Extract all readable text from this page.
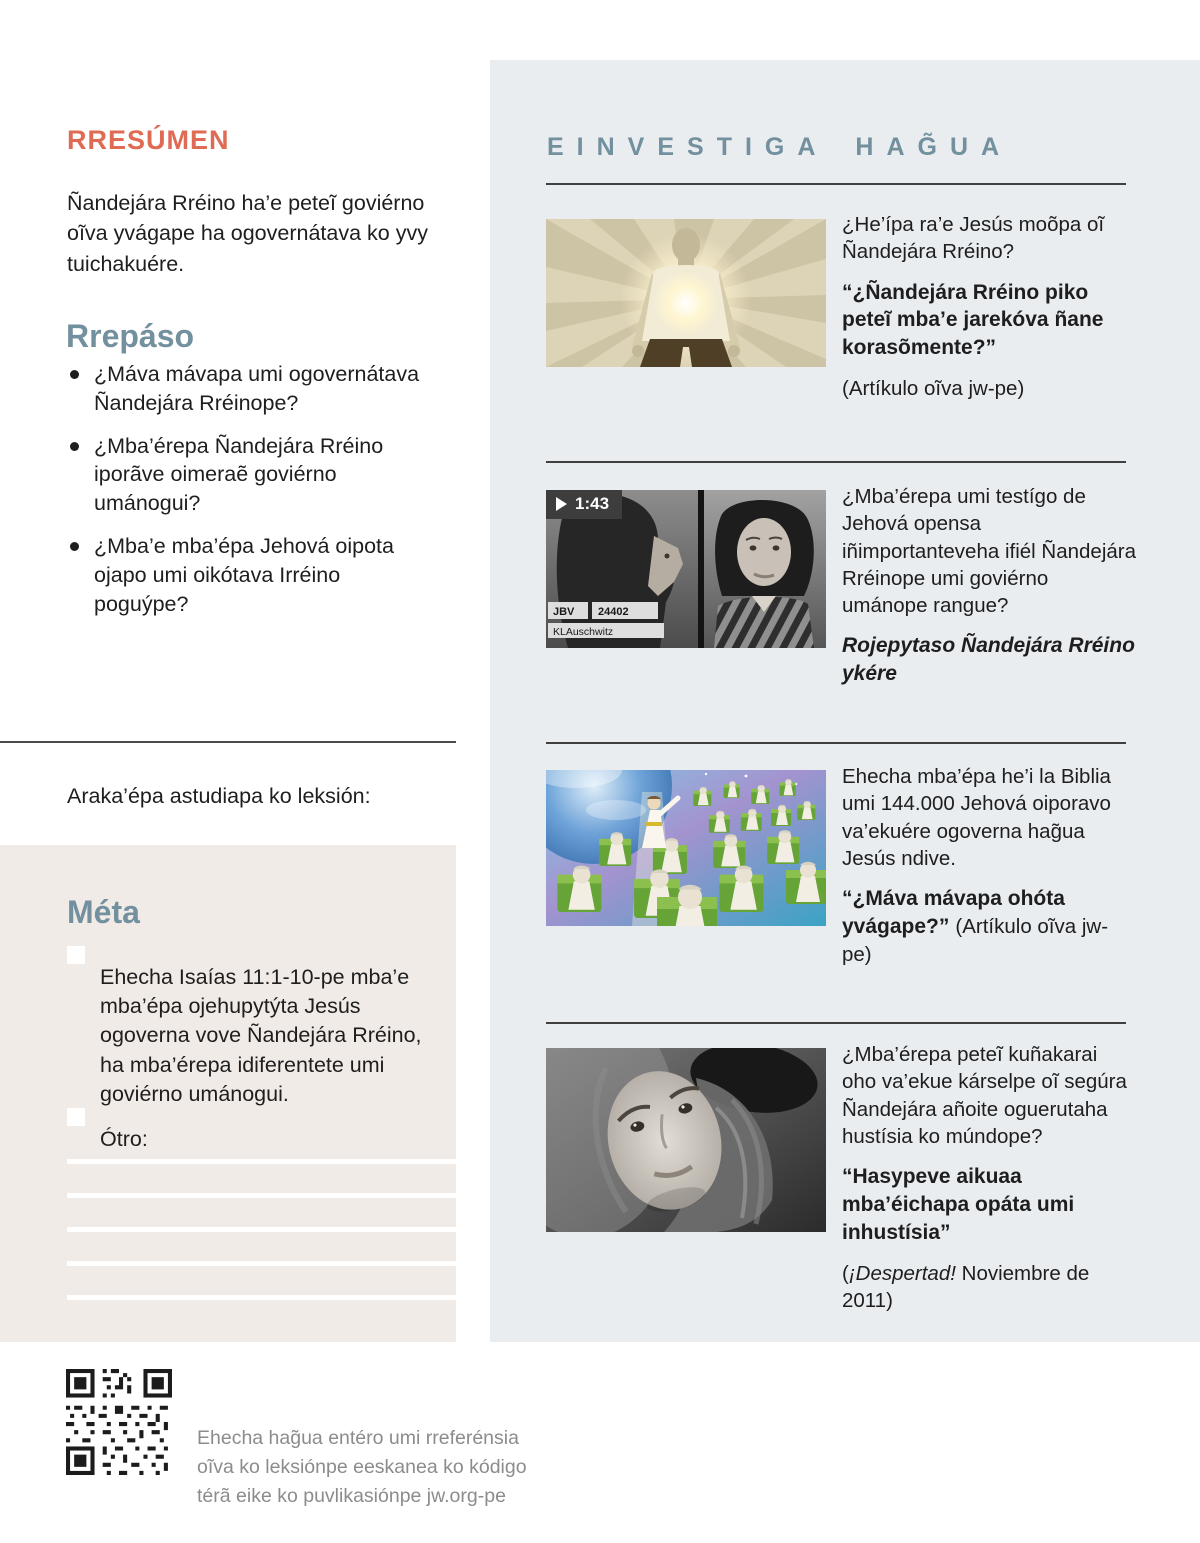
RRESÚMEN

Ñandejára Rréino ha’e peteĩ goviérno oĩva yvágape ha ogovernátava ko yvy tuichakuére.

Rrepáso
¿Máva mávapa umi ogovernátava Ñandejára Rréinope?
¿Mba’érepa Ñandejára Rréino iporãve oimeraẽ goviérno umánogui?
¿Mba’e mba’épa Jehová oipota ojapo umi oikótava Irréino poguýpe?

Araka’épa astudiapa ko leksión:

Méta

Ehecha Isaías 11:1-10-pe mba’e mba’épa ojehupytýta Jesús ogoverna vove Ñandejára Rréino, ha mba’érepa idiferentete umi goviérno umánogui.

Ótro:

Ehecha hag̃ua entéro umi rreferénsia oĩva ko leksiónpe eeskanea ko kódigo térã eike ko puvlikasiónpe jw.org-pe

EINVESTIGA HAG̃UA

¿He’ípa ra’e Jesús moõpa oĩ Ñandejára Rréino?

“¿Ñandejára Rréino piko peteĩ mba’e jarekóva ñane korasõmente?”

(Artíkulo oĩva jw-pe)

JBV 24402
KLAuschwitz
1:43	¿Mba’érepa umi testígo de Jehová opensa iñimportanteveha ifiél Ñandejára Rréinope umi goviérno umánope rangue?

Rojepytaso Ñandejára Rréino ykére

Ehecha mba’épa he’i la Biblia umi 144.000 Jehová oiporavo va’ekuére ogoverna hag̃ua Jesús ndive.

“¿Máva mávapa ohóta yvágape?” (Artíkulo oĩva jw-pe)

¿Mba’érepa peteĩ kuñakarai oho va’ekue kárselpe oĩ segúra Ñandejára añoite oguerutaha hustísia ko múndope?

“Hasypeve aikuaa mba’éichapa opáta umi inhustísia”

(¡Despertad! Noviembre de 2011)
